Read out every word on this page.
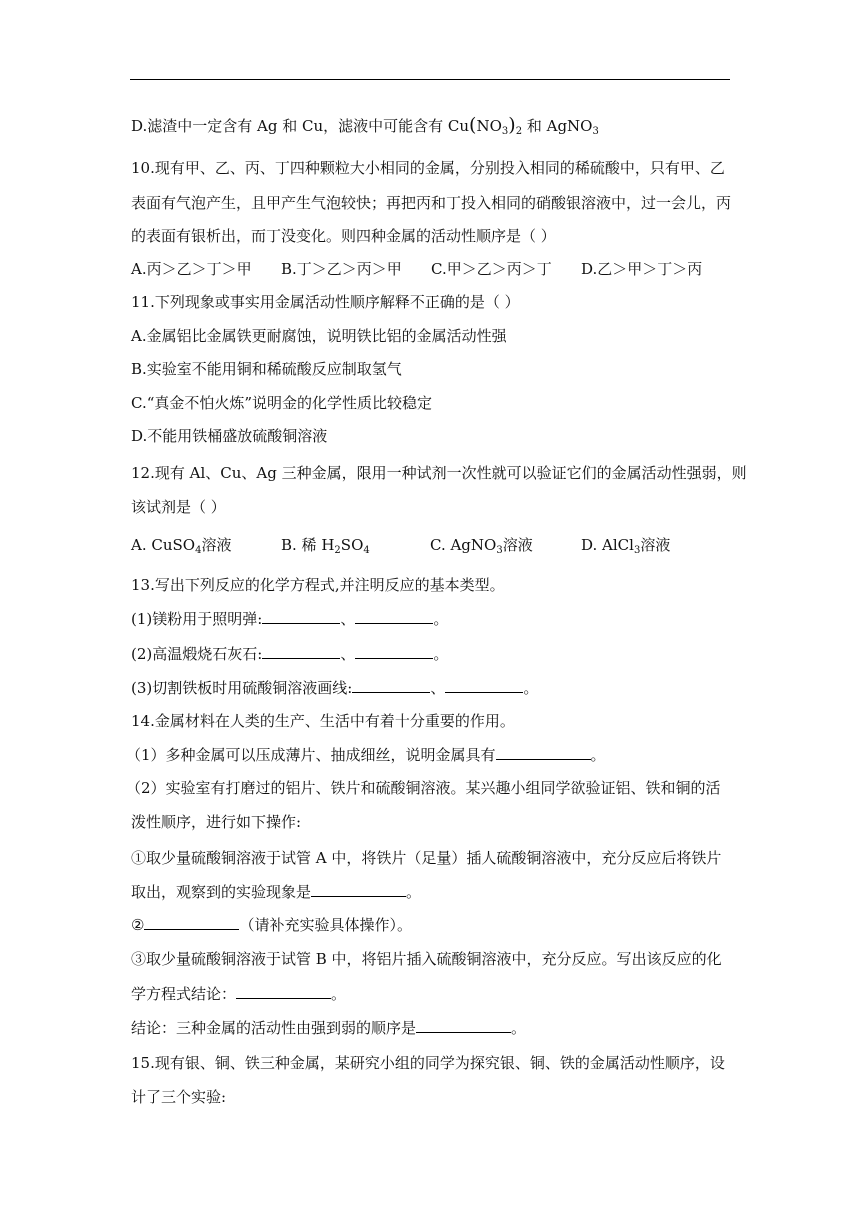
D.滤渣中一定含有 Ag 和 Cu，滤液中可能含有 $Cu(NO_3)_2$ 和 AgNO$_3$
10.现有甲、乙、丙、丁四种颗粒大小相同的金属，分别投入相同的稀硫酸中，只有甲、乙
表面有气泡产生，且甲产生气泡较快；再把丙和丁投入相同的硝酸银溶液中，过一会儿，丙
的表面有银析出，而丁没变化。则四种金属的活动性顺序是（ ）
A.丙＞乙＞丁＞甲 B.丁＞乙＞丙＞甲 C.甲＞乙＞丙＞丁 D.乙＞甲＞丁＞丙
11.下列现象或事实用金属活动性顺序解释不正确的是（ ）
A.金属铝比金属铁更耐腐蚀，说明铁比铝的金属活动性强
B.实验室不能用铜和稀硫酸反应制取氢气
C.“真金不怕火炼”说明金的化学性质比较稳定
D.不能用铁桶盛放硫酸铜溶液
12.现有 Al、Cu、Ag 三种金属，限用一种试剂一次性就可以验证它们的金属活动性强弱，则
该试剂是（ ）
A. CuSO$_4$溶液	B. 稀 $H_2SO_4$	C. AgNO$_3$溶液	D. AlCl$_3$溶液
13.写出下列反应的化学方程式,并注明反应的基本类型。
(1)镁粉用于照明弹:	、	。
(2)高温煅烧石灰石:	、	。
(3)切割铁板时用硫酸铜溶液画线:	、	。
14.金属材料在人类的生产、生活中有着十分重要的作用。
（1）多种金属可以压成薄片、抽成细丝，说明金属具有	。
（2）实验室有打磨过的铝片、铁片和硫酸铜溶液。某兴趣小组同学欲验证铝、铁和铜的活
泼性顺序，进行如下操作:
①取少量硫酸铜溶液于试管 A 中，将铁片（足量）插人硫酸铜溶液中，充分反应后将铁片
取出，观察到的实验现象是	。
②	（请补充实验具体操作）。
③取少量硫酸铜溶液于试管 B 中，将铝片插入硫酸铜溶液中，充分反应。写出该反应的化
学方程式结论：	。
结论：三种金属的活动性由强到弱的顺序是	。
15.现有银、铜、铁三种金属，某研究小组的同学为探究银、铜、铁的金属活动性顺序，设
计了三个实验:
